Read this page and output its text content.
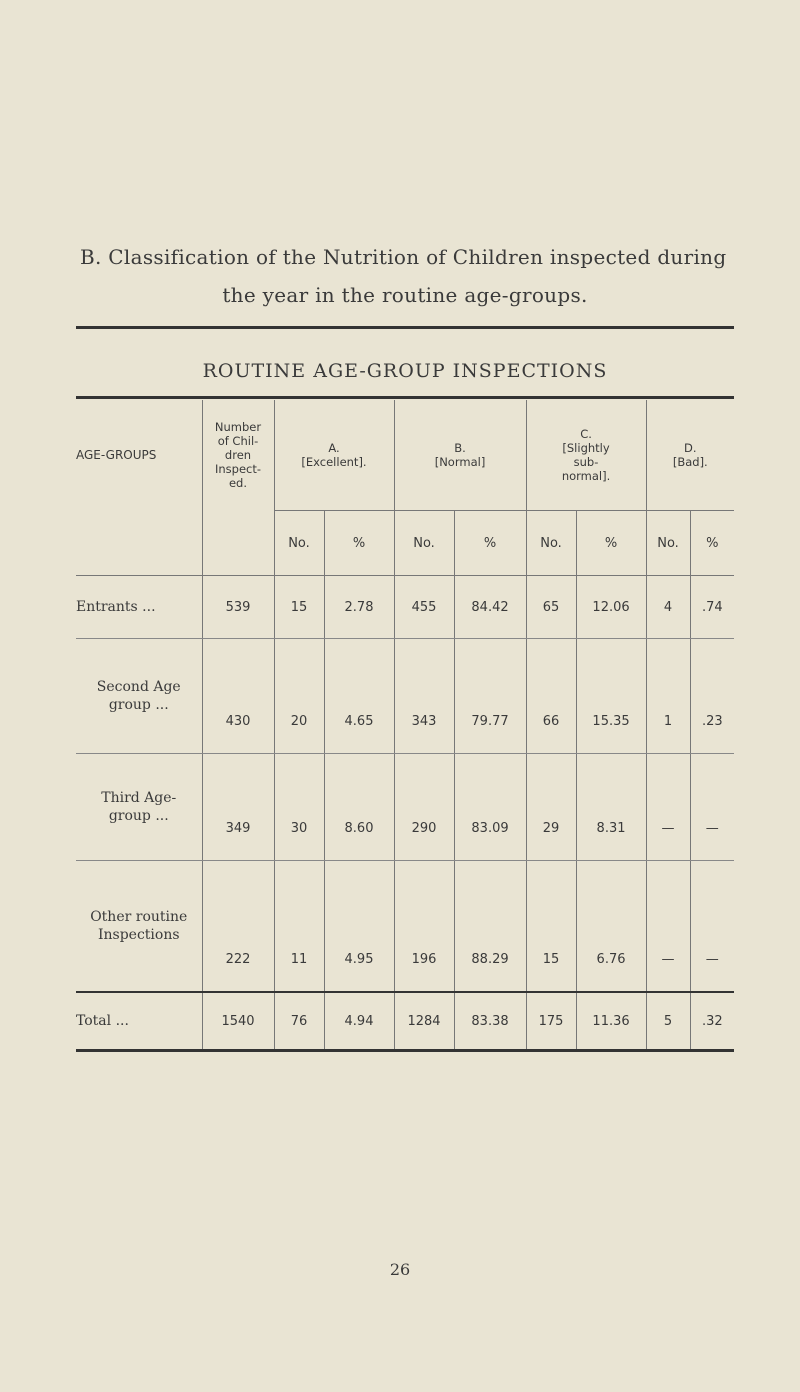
B. Classification of the Nutrition of Children inspected during

the year in the routine age-groups.
ROUTINE AGE-GROUP INSPECTIONS
AGE-GROUPS	Number of Chil- dren Inspect- ed.	A. [Excellent].		B. [Normal]		C. [Slightly sub- normal].		D. [Bad].	
		No.	%	No.	%	No.	%	No.	%
Entrants ...	539	15	2.78	455	84.42	65	12.06	4	.74
Second Age group ...	430	20	4.65	343	79.77	66	15.35	1	.23
Third Age- group ...	349	30	8.60	290	83.09	29	8.31	—	—
Other routine Inspections	222	11	4.95	196	88.29	15	6.76	—	—
Total ...	1540	76	4.94	1284	83.38	175	11.36	5	.32
26
